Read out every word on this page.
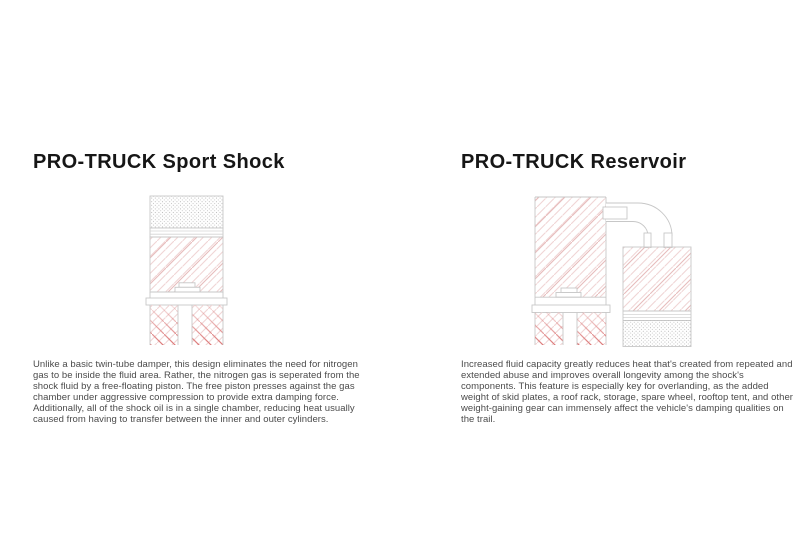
PRO-TRUCK Sport Shock	PRO-TRUCK Reservoir

Unlike a basic twin-tube damper, this design eliminates the need for nitrogen gas to be inside the fluid area. Rather, the nitrogen gas is seperated from the shock fluid by a free-floating piston. The free piston presses against the gas chamber under aggressive compression to provide extra damping force. Additionally, all of the shock oil is in a single chamber, reducing heat usually caused from having to transfer between the inner and outer cylinders.

Increased fluid capacity greatly reduces heat that's created from repeated and extended abuse and improves overall longevity among the shock's components. This feature is especially key for overlanding, as the added weight of skid plates, a roof rack, storage, spare wheel, rooftop tent, and other weight-gaining gear can immensely affect the vehicle's damping qualities on the trail.
